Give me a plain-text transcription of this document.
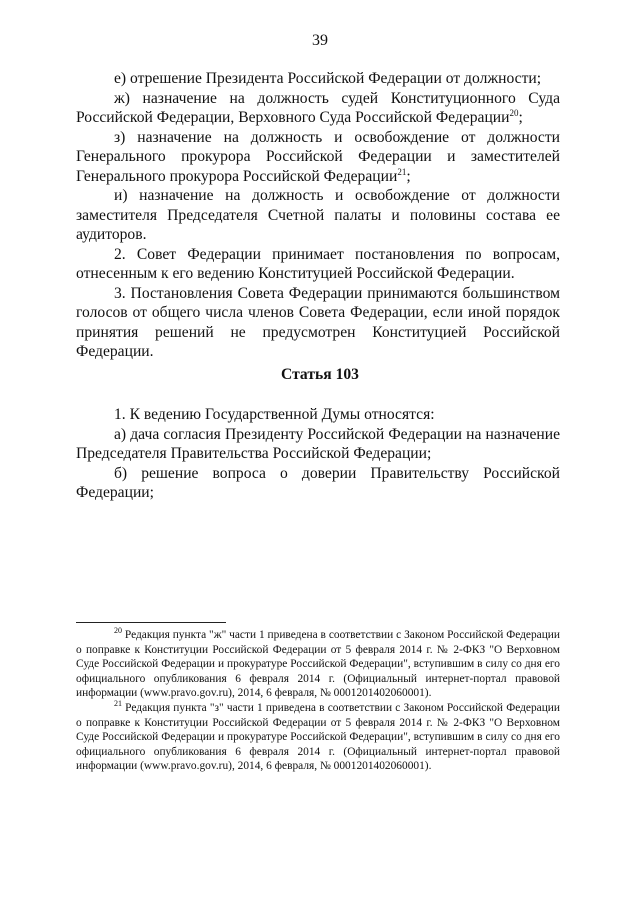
39

е) отрешение Президента Российской Федерации от должности;

ж) назначение на должность судей Конституционного Суда Российской Федерации, Верховного Суда Российской Федерации$^{20}$;

з) назначение на должность и освобождение от должности Генерального прокурора Российской Федерации и заместителей Генерального прокурора Российской Федерации$^{21}$;

и) назначение на должность и освобождение от должности заместителя Председателя Счетной палаты и половины состава ее аудиторов.

2. Совет Федерации принимает постановления по вопросам, отнесенным к его ведению Конституцией Российской Федерации.

3. Постановления Совета Федерации принимаются большинством голосов от общего числа членов Совета Федерации, если иной порядок принятия решений не предусмотрен Конституцией Российской Федерации.

Статья 103

1. К ведению Государственной Думы относятся:

а) дача согласия Президенту Российской Федерации на назначение Председателя Правительства Российской Федерации;

б) решение вопроса о доверии Правительству Российской Федерации;

$^{20}$ Редакция пункта "ж" части 1 приведена в соответствии с Законом Российской Федерации о поправке к Конституции Российской Федерации от 5 февраля 2014 г. № 2-ФКЗ "О Верховном Суде Российской Федерации и прокуратуре Российской Федерации", вступившим в силу со дня его официального опубликования 6 февраля 2014 г. (Официальный интернет-портал правовой информации (www.pravo.gov.ru), 2014, 6 февраля, № 0001201402060001).

$^{21}$ Редакция пункта "з" части 1 приведена в соответствии с Законом Российской Федерации о поправке к Конституции Российской Федерации от 5 февраля 2014 г. № 2-ФКЗ "О Верховном Суде Российской Федерации и прокуратуре Российской Федерации", вступившим в силу со дня его официального опубликования 6 февраля 2014 г. (Официальный интернет-портал правовой информации (www.pravo.gov.ru), 2014, 6 февраля, № 0001201402060001).
